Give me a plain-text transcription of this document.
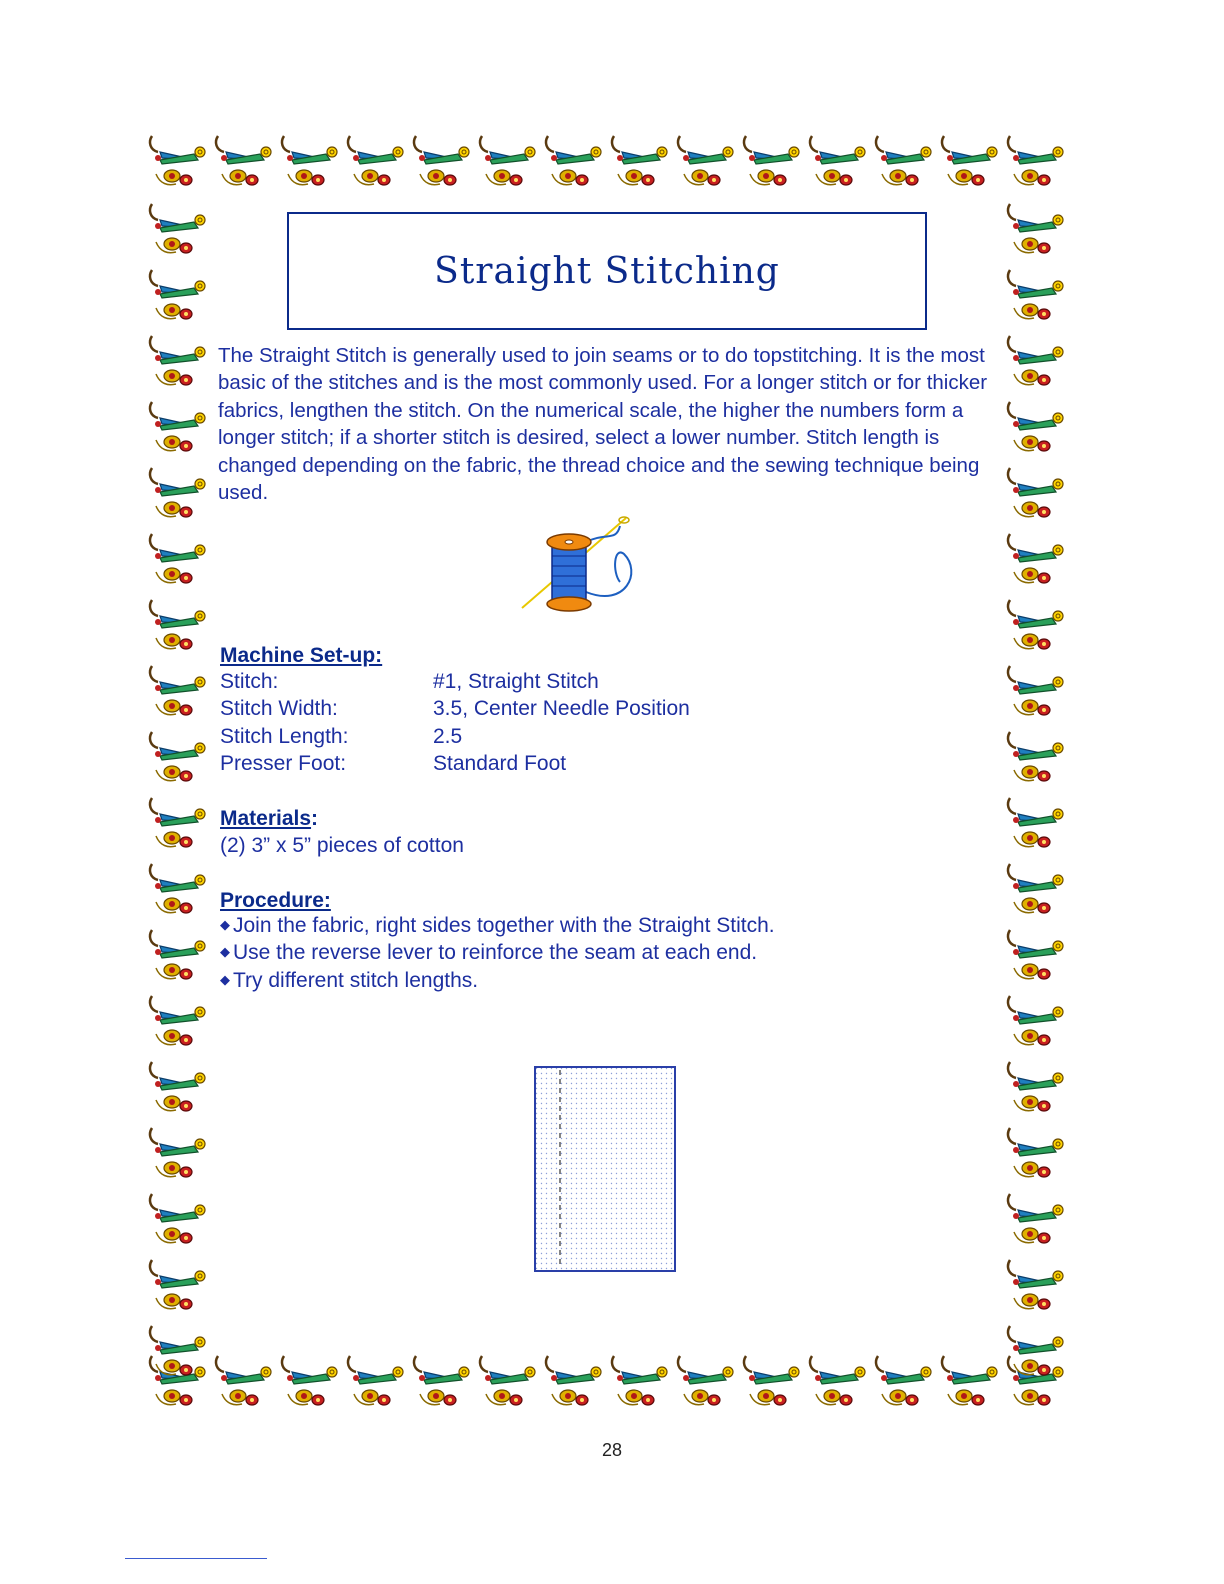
Straight Stitching

The Straight Stitch is generally used to join seams or to do topstitching. It is the most basic of the stitches and is the most commonly used. For a longer stitch or for thicker fabrics, lengthen the stitch. On the numerical scale, the higher the numbers form a longer stitch; if a shorter stitch is desired, select a lower number. Stitch length is changed depending on the fabric, the thread choice and the sewing technique being used.

Machine Set-up:

Stitch:	#1, Straight Stitch
Stitch Width:	3.5, Center Needle Position
Stitch Length:	2.5
Presser Foot:	Standard Foot

Materials:

(2) 3” x 5” pieces of cotton

Procedure:

◆ Join the fabric, right sides together with the Straight Stitch.
◆ Use the reverse lever to reinforce the seam at each end.
◆ Try different stitch lengths.
28
